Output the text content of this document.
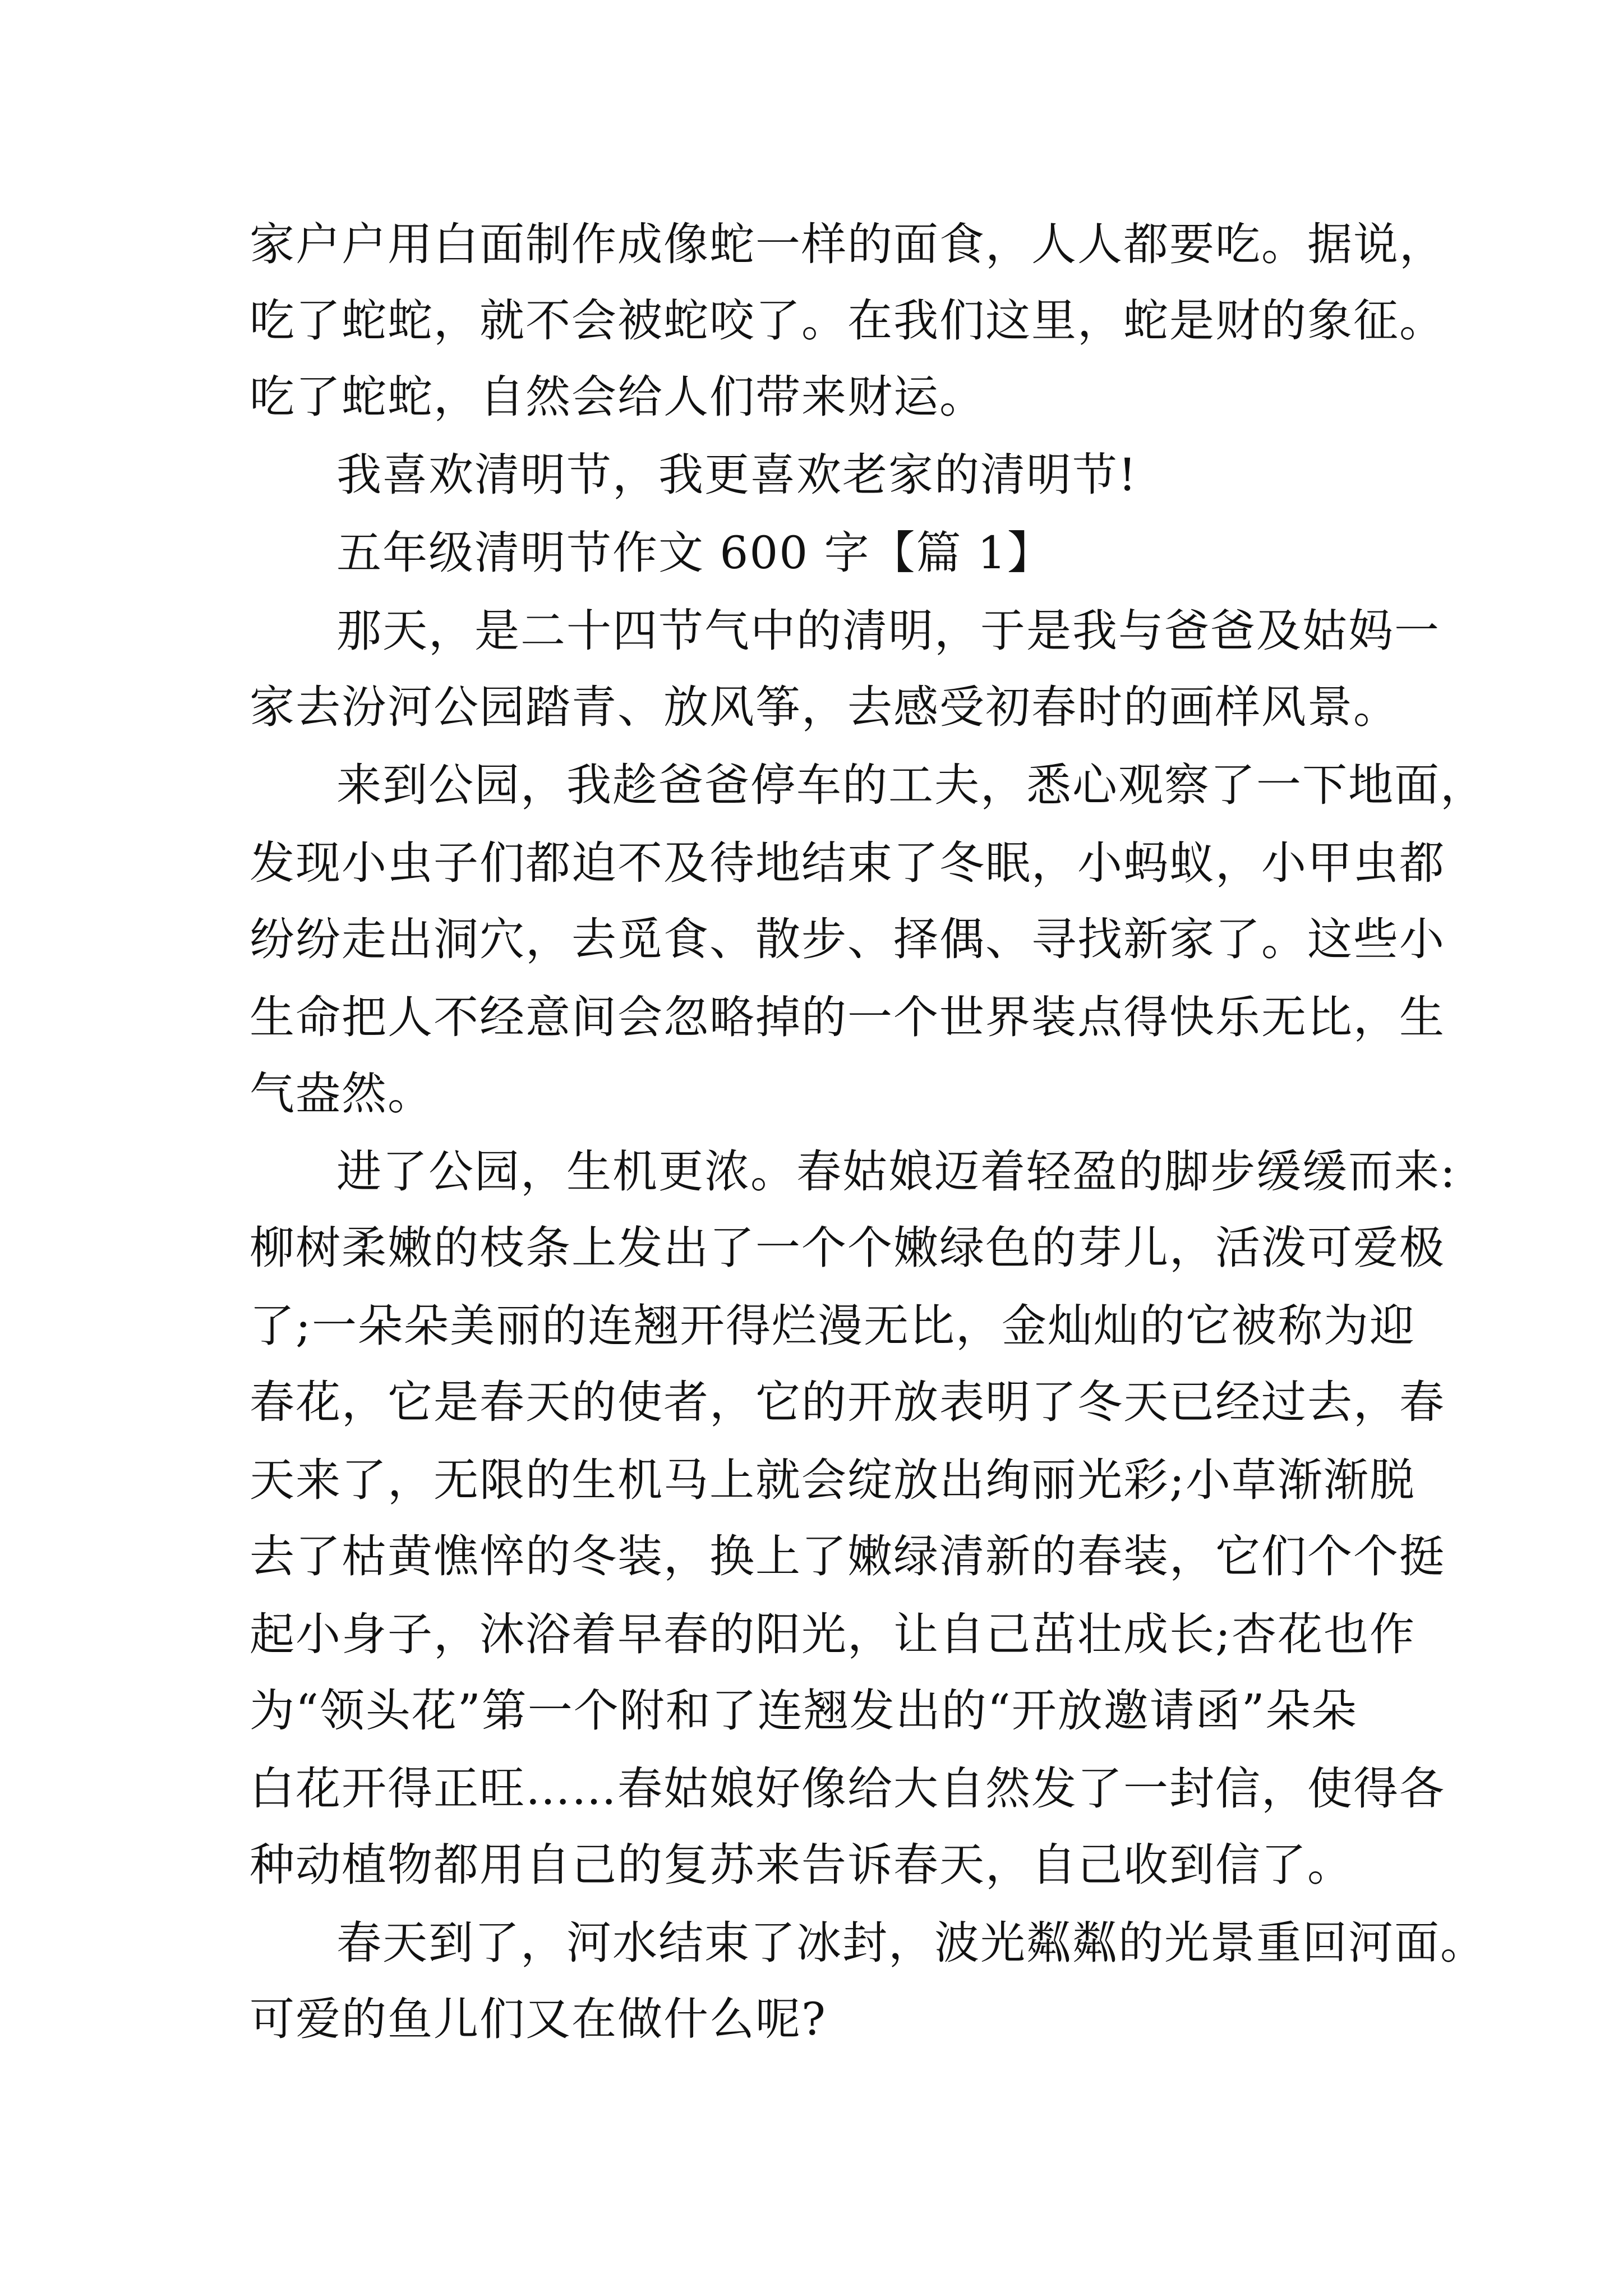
家户户用白面制作成像蛇一样的面食，人人都要吃。据说，
吃了蛇蛇，就不会被蛇咬了。在我们这里，蛇是财的象征。
吃了蛇蛇，自然会给人们带来财运。
我喜欢清明节，我更喜欢老家的清明节!
五年级清明节作文 600 字【篇 1】
那天，是二十四节气中的清明，于是我与爸爸及姑妈一
家去汾河公园踏青、放风筝，去感受初春时的画样风景。
来到公园，我趁爸爸停车的工夫，悉心观察了一下地面，
发现小虫子们都迫不及待地结束了冬眠，小蚂蚁，小甲虫都
纷纷走出洞穴，去觅食、散步、择偶、寻找新家了。这些小
生命把人不经意间会忽略掉的一个世界装点得快乐无比，生
气盎然。
进了公园，生机更浓。春姑娘迈着轻盈的脚步缓缓而来:
柳树柔嫩的枝条上发出了一个个嫩绿色的芽儿，活泼可爱极
了;一朵朵美丽的连翘开得烂漫无比，金灿灿的它被称为迎
春花，它是春天的使者，它的开放表明了冬天已经过去，春
天来了，无限的生机马上就会绽放出绚丽光彩;小草渐渐脱
去了枯黄憔悴的冬装，换上了嫩绿清新的春装，它们个个挺
起小身子，沐浴着早春的阳光，让自己茁壮成长;杏花也作
为“领头花”第一个附和了连翘发出的“开放邀请函”朵朵
白花开得正旺……春姑娘好像给大自然发了一封信，使得各
种动植物都用自己的复苏来告诉春天，自己收到信了。
春天到了，河水结束了冰封，波光粼粼的光景重回河面。
可爱的鱼儿们又在做什么呢?
